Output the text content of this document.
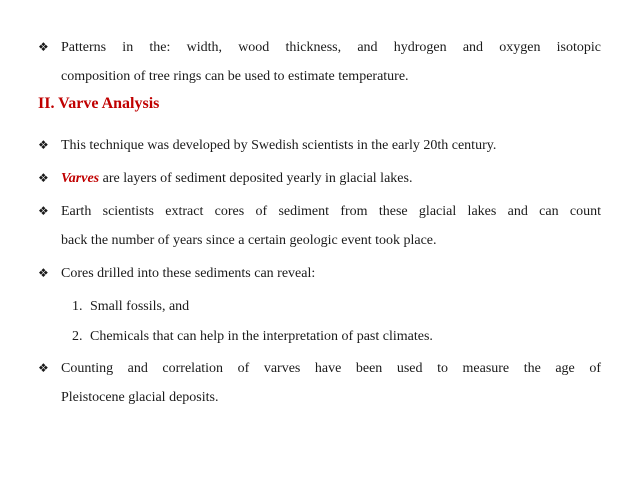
❖ Patterns in the: width, wood thickness, and hydrogen and oxygen isotopic
composition of tree rings can be used to estimate temperature.
II. Varve Analysis
❖ This technique was developed by Swedish scientists in the early 20th century.
❖ Varves are layers of sediment deposited yearly in glacial lakes.
❖ Earth scientists extract cores of sediment from these glacial lakes and can count
back the number of years since a certain geologic event took place.
❖ Cores drilled into these sediments can reveal:
1. Small fossils, and
2. Chemicals that can help in the interpretation of past climates.
❖ Counting and correlation of varves have been used to measure the age of
Pleistocene glacial deposits.
